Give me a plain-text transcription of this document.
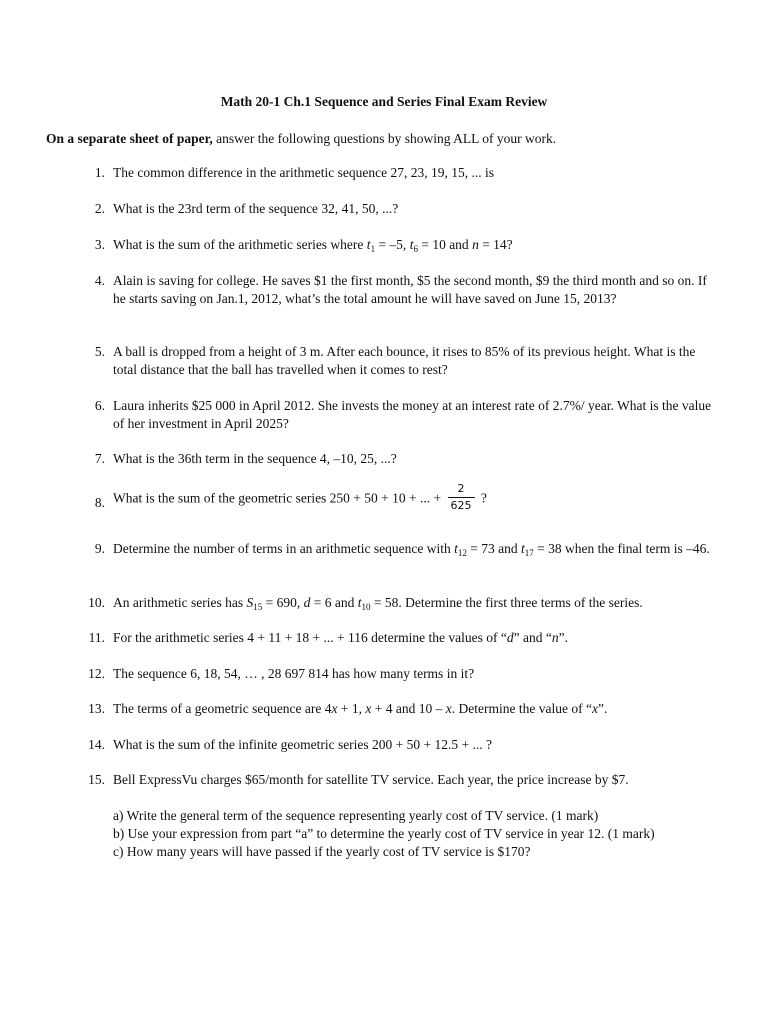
Math 20-1 Ch.1 Sequence and Series Final Exam Review
On a separate sheet of paper, answer the following questions by showing ALL of your work.
1. The common difference in the arithmetic sequence 27, 23, 19, 15, ... is
2. What is the 23rd term of the sequence 32, 41, 50, ...?
3. What is the sum of the arithmetic series where $t_1 = -5$, $t_6 = 10$ and n = 14?
4. Alain is saving for college. He saves $1 the first month, $5 the second month, $9 the third month and so on. If he starts saving on Jan.1, 2012, what’s the total amount he will have saved on June 15, 2013?
5. A ball is dropped from a height of 3 m. After each bounce, it rises to 85% of its previous height. What is the total distance that the ball has travelled when it comes to rest?
6. Laura inherits $25 000 in April 2012. She invests the money at an interest rate of 2.7%/ year. What is the value of her investment in April 2025?
7. What is the 36th term in the sequence 4, –10, 25, ...?
8. What is the sum of the geometric series 250 + 50 + 10 + ... + $\frac{2}{625}$ ?
9. Determine the number of terms in an arithmetic sequence with $t_{12} = 73$ and $t_{17} = 38$ when the final term is –46.
10. An arithmetic series has $S_{15} = 690$, d = 6 and $t_{10} = 58$. Determine the first three terms of the series.
11. For the arithmetic series 4 + 11 + 18 + ... + 116 determine the values of “d” and “n”.
12. The sequence 6, 18, 54, … , 28 697 814 has how many terms in it?
13. The terms of a geometric sequence are 4x + 1, x + 4 and 10 – x. Determine the value of “x”.
14. What is the sum of the infinite geometric series 200 + 50 + 12.5 + ... ?
15. Bell ExpressVu charges $65/month for satellite TV service. Each year, the price increase by $7.
a) Write the general term of the sequence representing yearly cost of TV service. (1 mark)
b) Use your expression from part “a” to determine the yearly cost of TV service in year 12. (1 mark)
c) How many years will have passed if the yearly cost of TV service is $170?
